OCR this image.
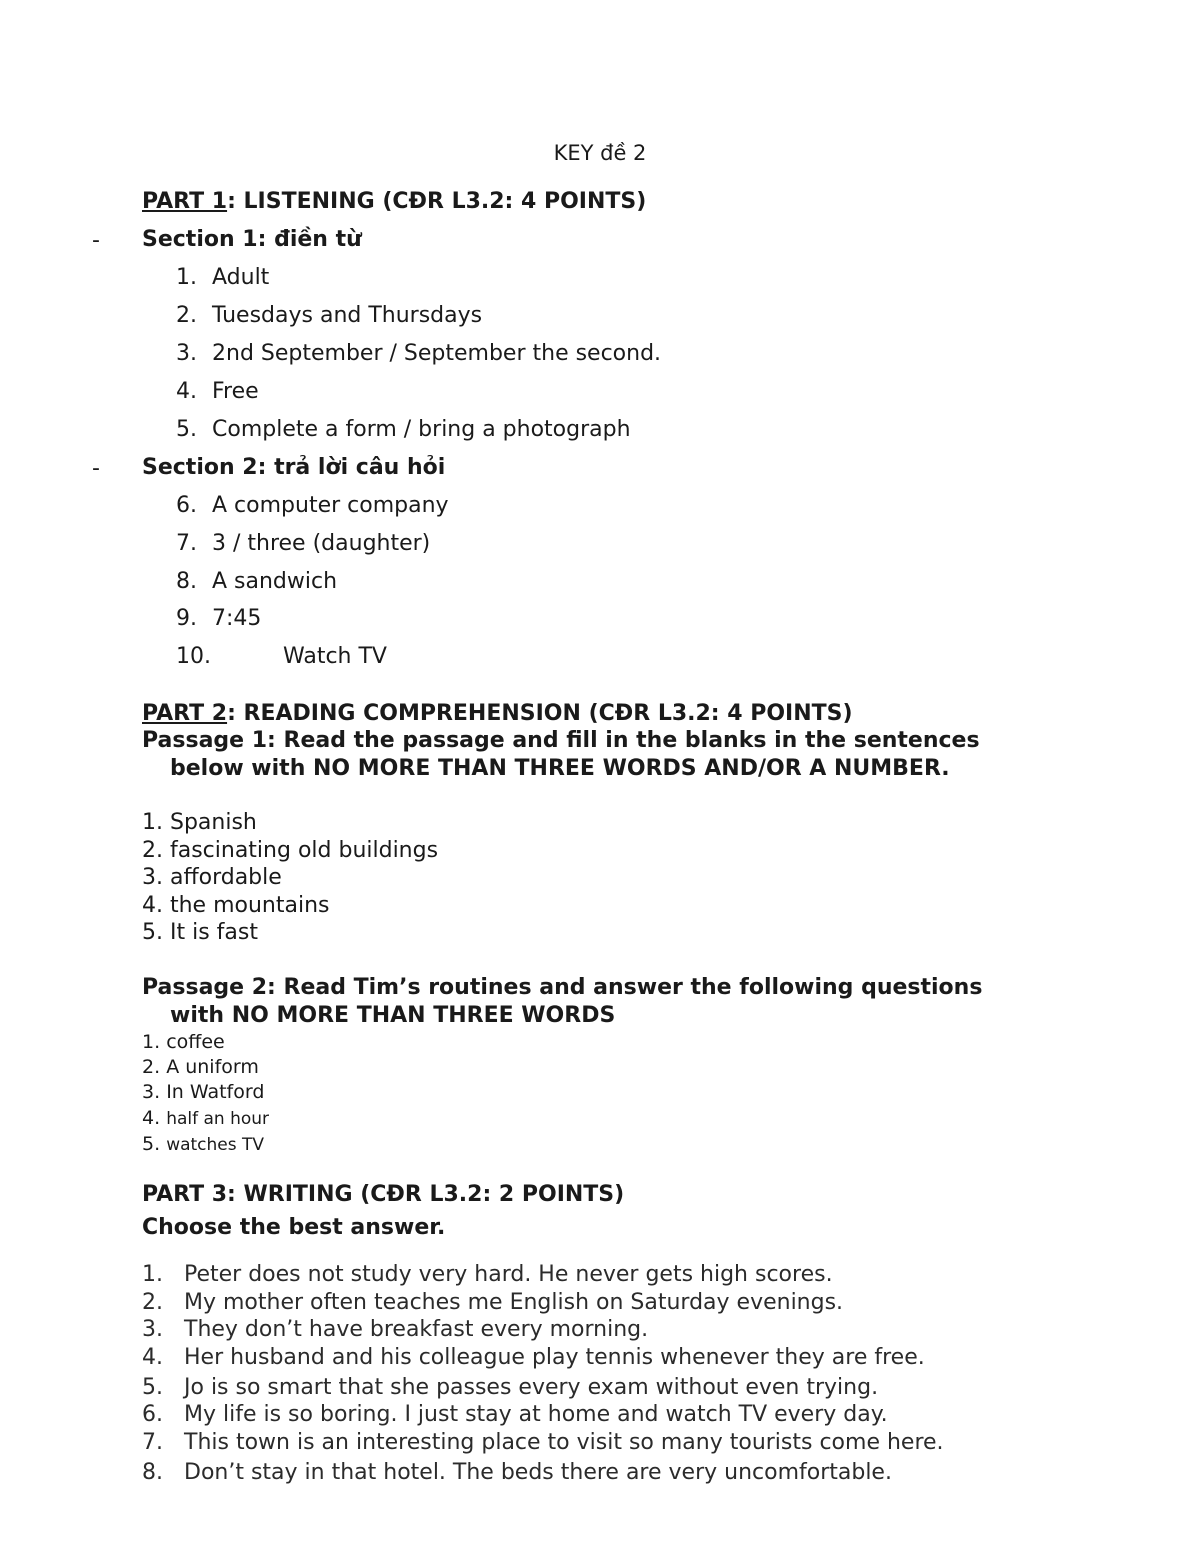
KEY đề 2
PART 1: LISTENING (CĐR L3.2: 4 POINTS)
- Section 1: điền từ
1. Adult
2. Tuesdays and Thursdays
3. 2nd September / September the second.
4. Free
5. Complete a form / bring a photograph
- Section 2: trả lời câu hỏi
6. A computer company
7. 3 / three (daughter)
8. A sandwich
9. 7:45
10.	Watch TV
PART 2: READING COMPREHENSION (CĐR L3.2: 4 POINTS)
Passage 1: Read the passage and fill in the blanks in the sentences
below with NO MORE THAN THREE WORDS AND/OR A NUMBER.
1. Spanish
2. fascinating old buildings
3. affordable
4. the mountains
5. It is fast
Passage 2: Read Tim’s routines and answer the following questions
with NO MORE THAN THREE WORDS
1. coffee
2. A uniform
3. In Watford
4. half an hour
5. watches TV
PART 3: WRITING (CĐR L3.2: 2 POINTS)
Choose the best answer.
1. Peter does not study very hard. He never gets high scores.
2. My mother often teaches me English on Saturday evenings.
3. They don’t have breakfast every morning.
4. Her husband and his colleague play tennis whenever they are free.
5. Jo is so smart that she passes every exam without even trying.
6. My life is so boring. I just stay at home and watch TV every day.
7. This town is an interesting place to visit so many tourists come here.
8. Don’t stay in that hotel. The beds there are very uncomfortable.
